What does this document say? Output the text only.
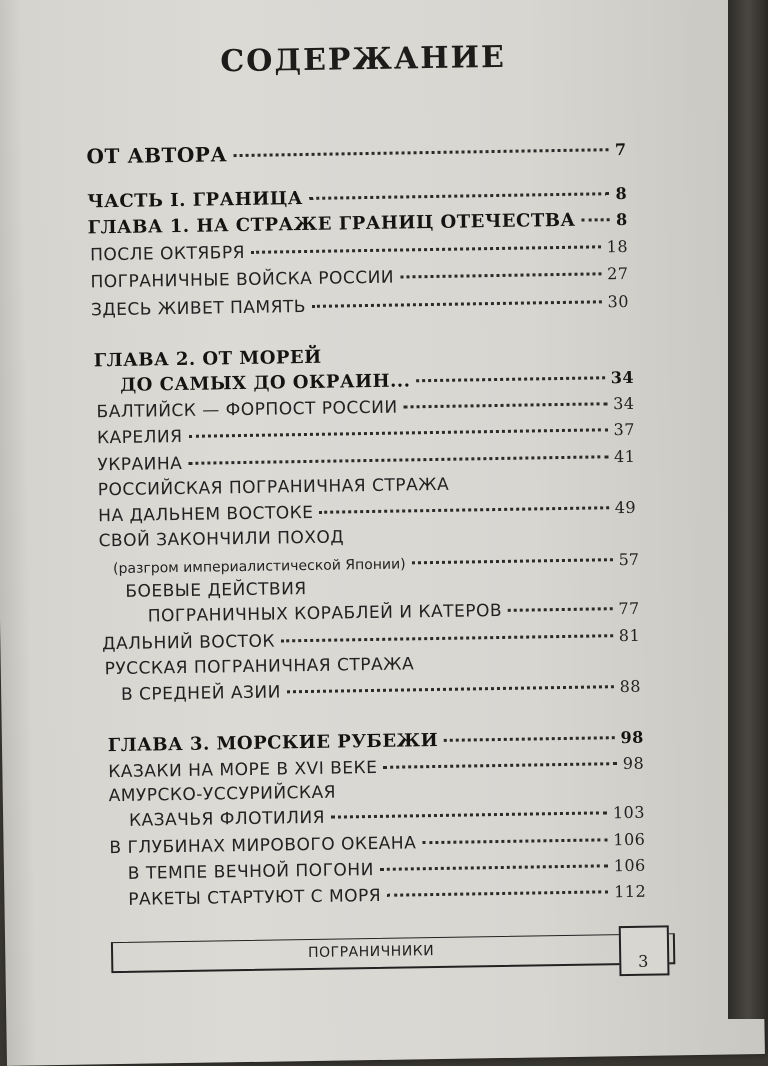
СОДЕРЖАНИЕ
ОТ АВТОРА	7
ЧАСТЬ I. ГРАНИЦА	8
ГЛАВА 1. НА СТРАЖЕ ГРАНИЦ ОТЕЧЕСТВА	8
ПОСЛЕ ОКТЯБРЯ	18
ПОГРАНИЧНЫЕ ВОЙСКА РОССИИ	27
ЗДЕСЬ ЖИВЕТ ПАМЯТЬ	30
ГЛАВА 2. ОТ МОРЕЙ
ДО САМЫХ ДО ОКРАИН...	34
БАЛТИЙСК — ФОРПОСТ РОССИИ	34
КАРЕЛИЯ	37
УКРАИНА	41
РОССИЙСКАЯ ПОГРАНИЧНАЯ СТРАЖА
НА ДАЛЬНЕМ ВОСТОКЕ	49
СВОЙ ЗАКОНЧИЛИ ПОХОД
(разгром империалистической Японии)	57
БОЕВЫЕ ДЕЙСТВИЯ
ПОГРАНИЧНЫХ КОРАБЛЕЙ И КАТЕРОВ	77
ДАЛЬНИЙ ВОСТОК	81
РУССКАЯ ПОГРАНИЧНАЯ СТРАЖА
В СРЕДНЕЙ АЗИИ	88
ГЛАВА 3. МОРСКИЕ РУБЕЖИ	98
КАЗАКИ НА МОРЕ В XVI ВЕКЕ	98
АМУРСКО-УССУРИЙСКАЯ
КАЗАЧЬЯ ФЛОТИЛИЯ	103
В ГЛУБИНАХ МИРОВОГО ОКЕАНА	106
В ТЕМПЕ ВЕЧНОЙ ПОГОНИ	106
РАКЕТЫ СТАРТУЮТ С МОРЯ	112
ПОГРАНИЧНИКИ	3
